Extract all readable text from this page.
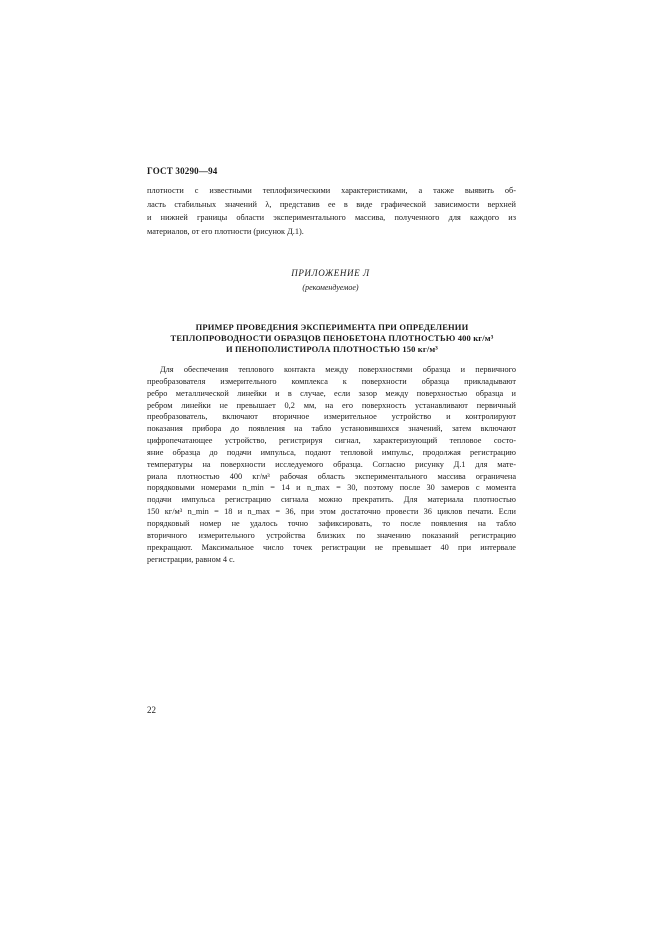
ГОСТ 30290—94
плотности с известными теплофизическими характеристиками, а также выявить об-
ласть стабильных значений λ, представив ее в виде графической зависимости верхней
и нижней границы области экспериментального массива, полученного для каждого из
материалов, от его плотности (рисунок Д.1).
ПРИЛОЖЕНИЕ Л
(рекомендуемое)
ПРИМЕР ПРОВЕДЕНИЯ ЭКСПЕРИМЕНТА ПРИ ОПРЕДЕЛЕНИИ
ТЕПЛОПРОВОДНОСТИ ОБРАЗЦОВ ПЕНОБЕТОНА ПЛОТНОСТЬЮ 400 кг/м³
И ПЕНОПОЛИСТИРОЛА ПЛОТНОСТЬЮ 150 кг/м³
Для обеспечения теплового контакта между поверхностями образца и первичного
преобразователя измерительного комплекса к поверхности образца прикладывают
ребро металлической линейки и в случае, если зазор между поверхностью образца и
ребром линейки не превышает 0,2 мм, на его поверхность устанавливают первичный
преобразователь, включают вторичное измерительное устройство и контролируют
показания прибора до появления на табло установившихся значений, затем включают
цифропечатающее устройство, регистрируя сигнал, характеризующий тепловое состо-
яние образца до подачи импульса, подают тепловой импульс, продолжая регистрацию
температуры на поверхности исследуемого образца. Согласно рисунку Д.1 для мате-
риала плотностью 400 кг/м³ рабочая область экспериментального массива ограничена
порядковыми номерами n_min = 14 и n_max = 30, поэтому после 30 замеров с момента
подачи импульса регистрацию сигнала можно прекратить. Для материала плотностью
150 кг/м³ n_min = 18 и n_max = 36, при этом достаточно провести 36 циклов печати. Если
порядковый номер не удалось точно зафиксировать, то после появления на табло
вторичного измерительного устройства близких по значению показаний регистрацию
прекращают. Максимальное число точек регистрации не превышает 40 при интервале
регистрации, равном 4 с.
22
